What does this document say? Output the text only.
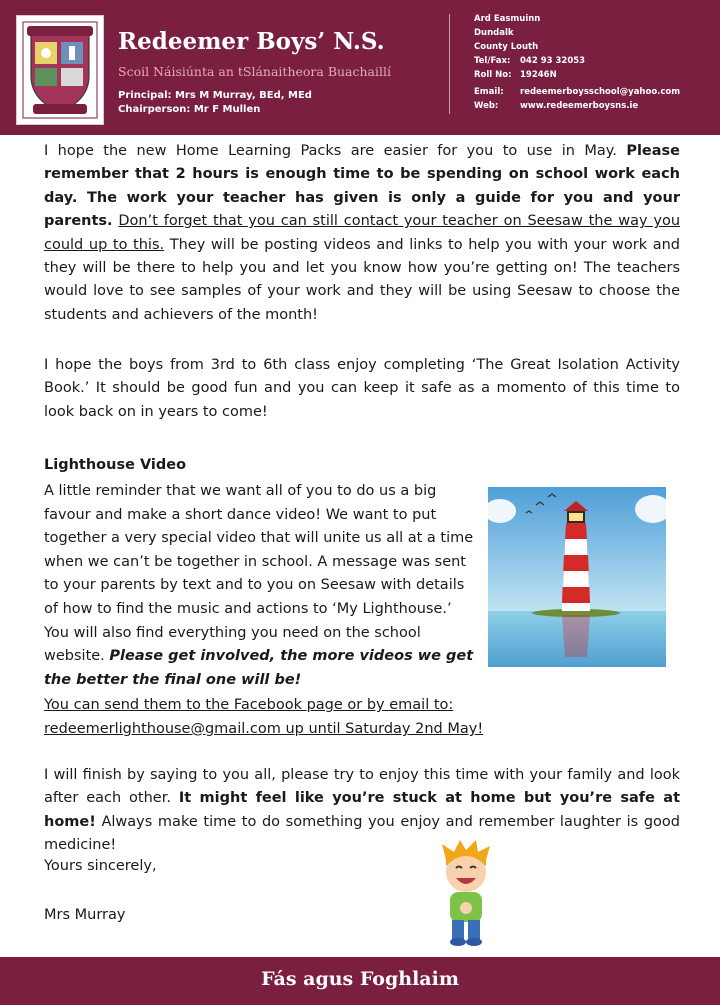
Redeemer Boys’ N.S.
Scoil Náisiúnta an tSlánaitheora Buachaillí
Principal: Mrs M Murray, BEd, MEd
Chairperson: Mr F Mullen
Ard Easmuinn
Dundalk
County Louth
Tel/Fax: 042 93 32053
Roll No: 19246N
Email: redeemerboysschool@yahoo.com
Web:	www.redeemerboysns.ie
I hope the new Home Learning Packs are easier for you to use in May. Please remember that 2 hours is enough time to be spending on school work each day. The work your teacher has given is only a guide for you and your parents. Don’t forget that you can still contact your teacher on Seesaw the way you could up to this. They will be posting videos and links to help you with your work and they will be there to help you and let you know how you’re getting on! The teachers would love to see samples of your work and they will be using Seesaw to choose the students and achievers of the month!
I hope the boys from 3rd to 6th class enjoy completing ‘The Great Isolation Activity Book.’ It should be good fun and you can keep it safe as a momento of this time to look back on in years to come!
Lighthouse Video
A little reminder that we want all of you to do us a big favour and make a short dance video! We want to put together a very special video that will unite us all at a time when we can’t be together in school. A message was sent to your parents by text and to you on Seesaw with details of how to find the music and actions to ‘My Lighthouse.’ You will also find everything you need on the school website. Please get involved, the more videos we get the better the final one will be!
You can send them to the Facebook page or by email to: redeemerlighthouse@gmail.com up until Saturday 2nd May!
I will finish by saying to you all, please try to enjoy this time with your family and look after each other. It might feel like you’re stuck at home but you’re safe at home! Always make time to do something you enjoy and remember laughter is good medicine!
Yours sincerely,
Mrs Murray
Fás agus Foghlaim
